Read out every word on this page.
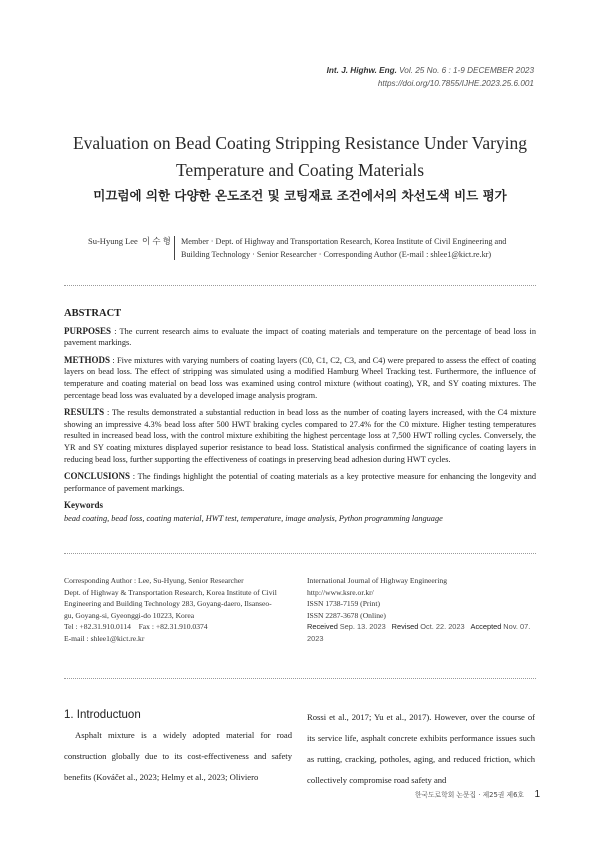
Int. J. Highw. Eng. Vol. 25 No. 6 : 1-9 DECEMBER 2023
https://doi.org/10.7855/IJHE.2023.25.6.001
Evaluation on Bead Coating Stripping Resistance Under Varying
Temperature and Coating Materials
미끄럼에 의한 다양한 온도조건 및 코팅재료 조건에서의 차선도색 비드 평가
Su-Hyung Lee 이 수 형 Member · Dept. of Highway and Transportation Research, Korea Institute of Civil Engineering and
Building Technology · Senior Researcher · Corresponding Author (E-mail : shlee1@kict.re.kr)
ABSTRACT

PURPOSES : The current research aims to evaluate the impact of coating materials and temperature on the percentage of bead loss in pavement markings.

METHODS : Five mixtures with varying numbers of coating layers (C0, C1, C2, C3, and C4) were prepared to assess the effect of coating layers on bead loss. The effect of stripping was simulated using a modified Hamburg Wheel Tracking test. Furthermore, the influence of temperature and coating material on bead loss was examined using control mixture (without coating), YR, and SY coating mixtures. The percentage bead loss was evaluated by a developed image analysis program.

RESULTS : The results demonstrated a substantial reduction in bead loss as the number of coating layers increased, with the C4 mixture showing an impressive 4.3% bead loss after 500 HWT braking cycles compared to 27.4% for the C0 mixture. Higher testing temperatures resulted in increased bead loss, with the control mixture exhibiting the highest percentage loss at 7,500 HWT rolling cycles. Conversely, the YR and SY coating mixtures displayed superior resistance to bead loss. Statistical analysis confirmed the significance of coating layers in reducing bead loss, further supporting the effectiveness of coatings in preserving bead adhesion during HWT cycles.

CONCLUSIONS : The findings highlight the potential of coating materials as a key protective measure for enhancing the longevity and performance of pavement markings.

Keywords

bead coating, bead loss, coating material, HWT test, temperature, image analysis, Python programming language

Corresponding Author : Lee, Su-Hyung, Senior Researcher
Dept. of Highway & Transportation Research, Korea Institute of Civil
Engineering and Building Technology 283, Goyang-daero, Ilsanseo-
gu, Goyang-si, Gyeonggi-do 10223, Korea
Tel : +82.31.910.0114 Fax : +82.31.910.0374
E-mail : shlee1@kict.re.kr
International Journal of Highway Engineering
http://www.ksre.or.kr/
ISSN 1738-7159 (Print)
ISSN 2287-3678 (Online)
Received Sep. 13. 2023 Revised Oct. 22. 2023 Accepted Nov. 07. 2023
1. Introductuon

Asphalt mixture is a widely adopted material for road construction globally due to its cost-effectiveness and safety benefits (Kováčet al., 2023; Helmy et al., 2023; Oliviero

Rossi et al., 2017; Yu et al., 2017). However, over the course of its service life, asphalt concrete exhibits performance issues such as rutting, cracking, potholes, aging, and reduced friction, which collectively compromise road safety and

한국도로학회 논문집 · 제25권 제6호 1
